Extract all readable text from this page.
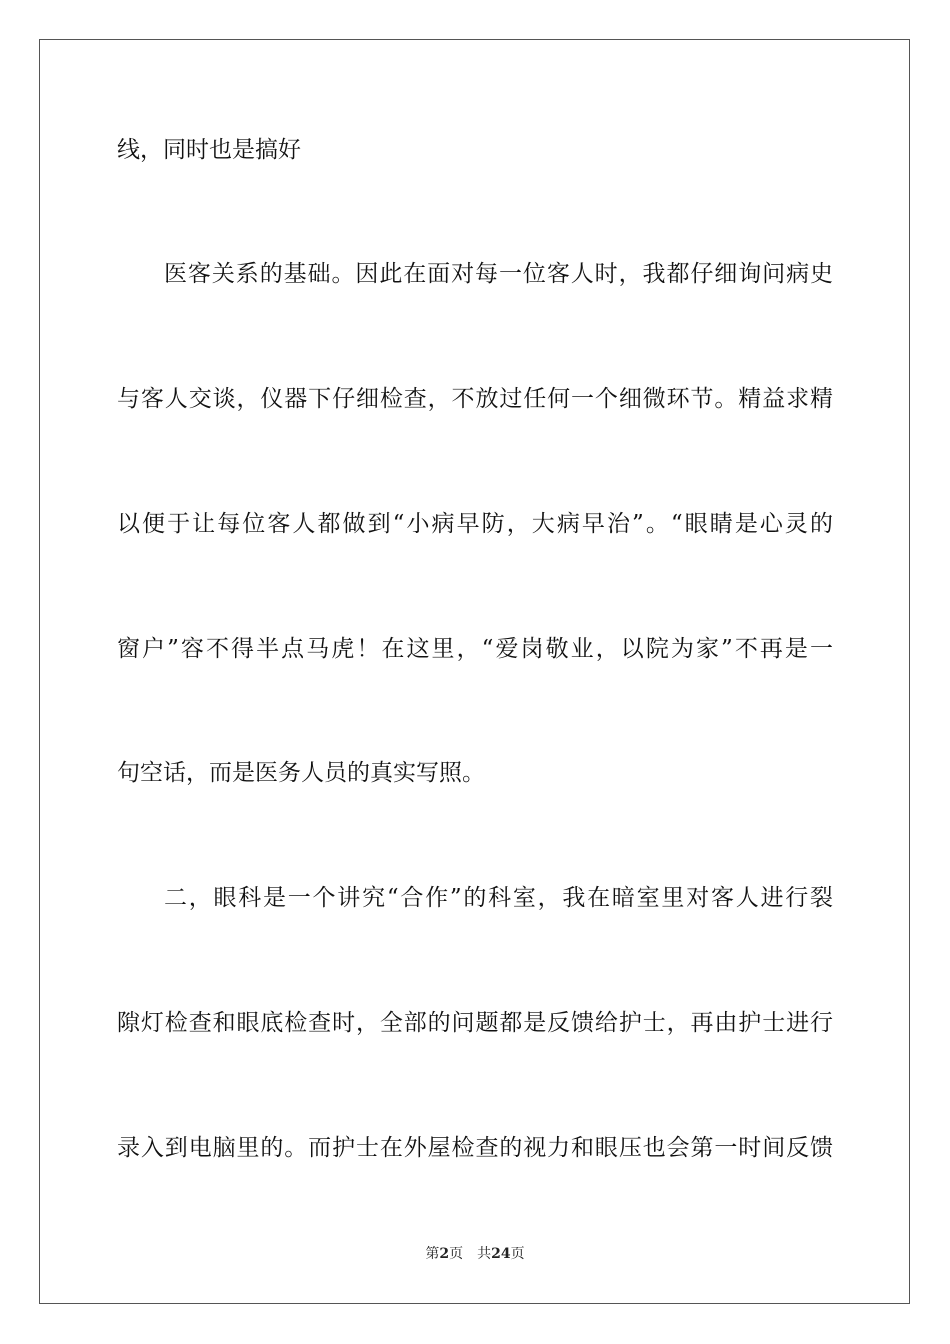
线，同时也是搞好
医客关系的基础。因此在面对每一位客人时，我都仔细询问病史
与客人交谈，仪器下仔细检查，不放过任何一个细微环节。精益求精
以便于让每位客人都做到“小病早防，大病早治”。“眼睛是心灵的
窗户”容不得半点马虎！在这里，“爱岗敬业，以院为家”不再是一
句空话，而是医务人员的真实写照。
二，眼科是一个讲究“合作”的科室，我在暗室里对客人进行裂
隙灯检查和眼底检查时，全部的问题都是反馈给护士，再由护士进行
录入到电脑里的。而护士在外屋检查的视力和眼压也会第一时间反馈
第2页 共24页
